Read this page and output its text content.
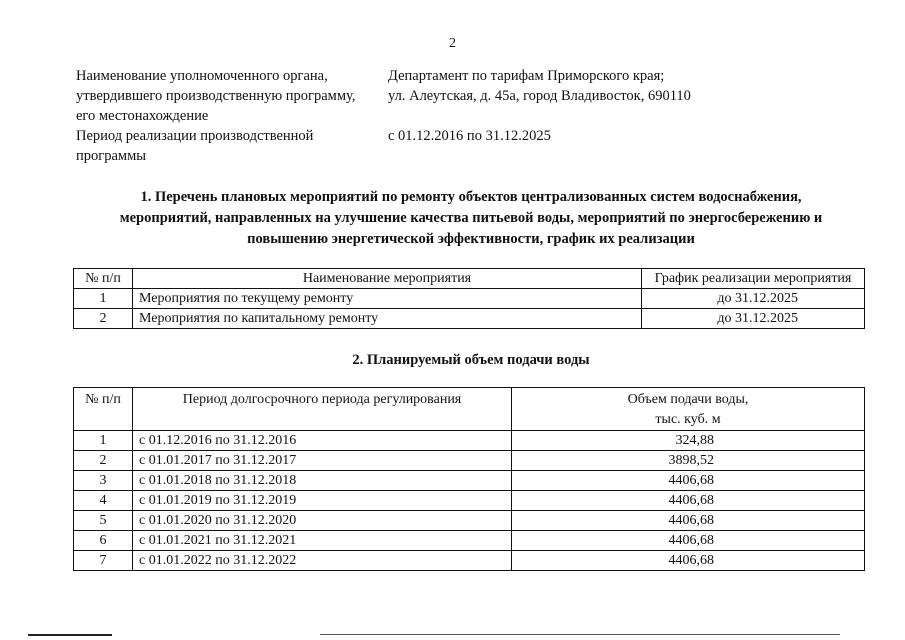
2
Наименование уполномоченного органа,
утвердившего производственную программу,
его местонахождение
Департамент по тарифам Приморского края;
ул. Алеутская, д. 45а, город Владивосток, 690110
Период реализации производственной
программы
с 01.12.2016 по 31.12.2025
1. Перечень плановых мероприятий по ремонту объектов централизованных систем водоснабжения,
мероприятий, направленных на улучшение качества питьевой воды, мероприятий по энергосбережению и
повышению энергетической эффективности, график их реализации
№ п/п	Наименование мероприятия	График реализации мероприятия
1	Мероприятия по текущему ремонту	до 31.12.2025
2	Мероприятия по капитальному ремонту	до 31.12.2025
2. Планируемый объем подачи воды
№ п/п	Период долгосрочного периода регулирования	Объем подачи воды,
тыс. куб. м

1	с 01.12.2016 по 31.12.2016	324,88
2	с 01.01.2017 по 31.12.2017	3898,52
3	с 01.01.2018 по 31.12.2018	4406,68
4	с 01.01.2019 по 31.12.2019	4406,68
5	с 01.01.2020 по 31.12.2020	4406,68
6	с 01.01.2021 по 31.12.2021	4406,68
7	с 01.01.2022 по 31.12.2022	4406,68
